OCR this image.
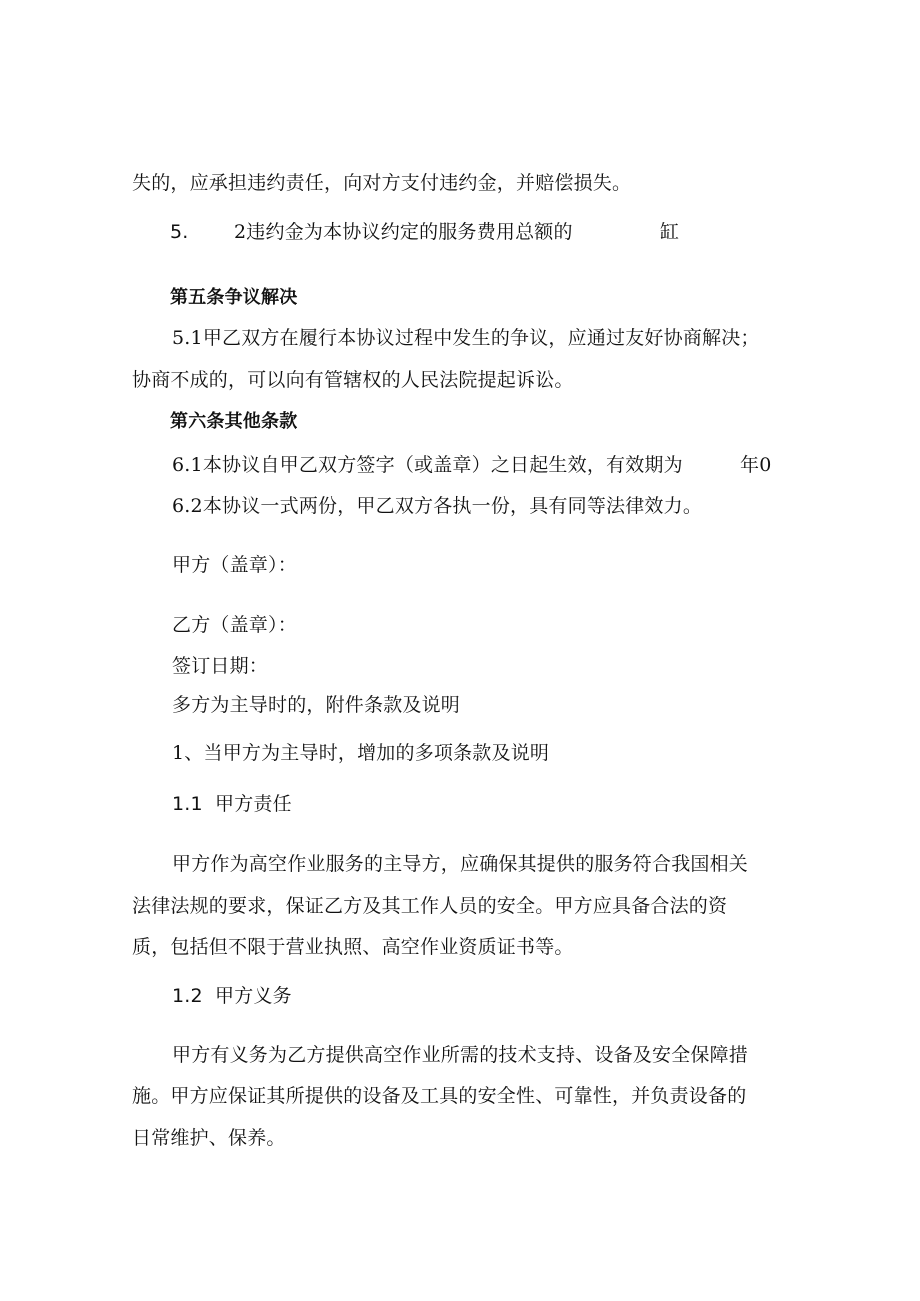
失的，应承担违约责任，向对方支付违约金，并赔偿损失。
5. 2违约金为本协议约定的服务费用总额的	缸
第五条争议解决
5.1甲乙双方在履行本协议过程中发生的争议，应通过友好协商解决；
协商不成的，可以向有管辖权的人民法院提起诉讼。
第六条其他条款
6.1本协议自甲乙双方签字（或盖章）之日起生效，有效期为	年0
6.2本协议一式两份，甲乙双方各执一份，具有同等法律效力。
甲方（盖章）：
乙方（盖章）：
签订日期：
多方为主导时的，附件条款及说明
1、当甲方为主导时，增加的多项条款及说明
1.1 甲方责任
甲方作为高空作业服务的主导方，应确保其提供的服务符合我国相关
法律法规的要求，保证乙方及其工作人员的安全。甲方应具备合法的资
质，包括但不限于营业执照、高空作业资质证书等。
1.2 甲方义务
甲方有义务为乙方提供高空作业所需的技术支持、设备及安全保障措
施。甲方应保证其所提供的设备及工具的安全性、可靠性，并负责设备的
日常维护、保养。
